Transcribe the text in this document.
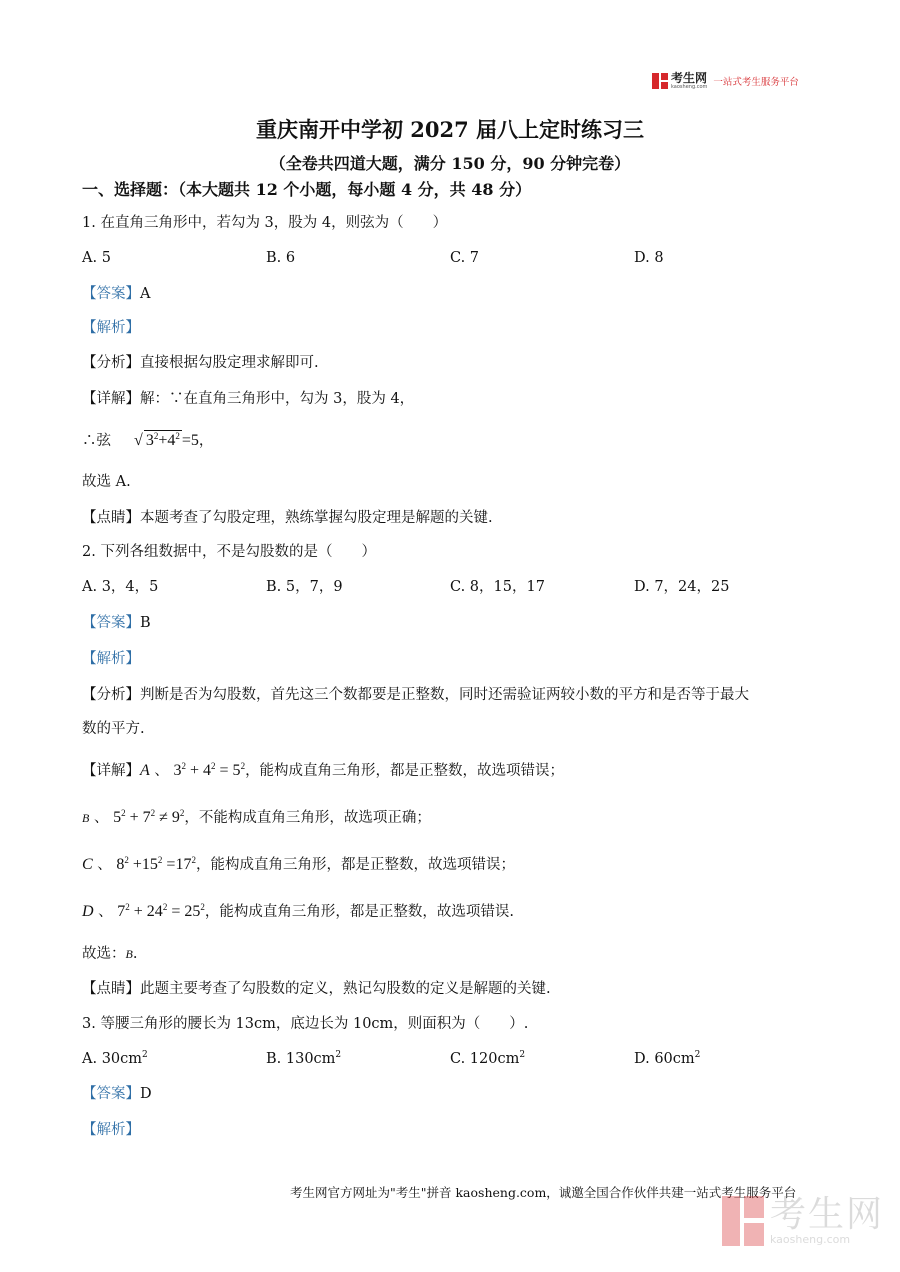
考生网
kaosheng.com 一站式考生服务平台
重庆南开中学初 2027 届八上定时练习三
（全卷共四道大题，满分 150 分，90 分钟完卷）
一、选择题：（本大题共 12 个小题，每小题 4 分，共 48 分）
1. 在直角三角形中，若勾为 3，股为 4，则弦为（　　）
A. 5	B. 6	C. 7	D. 8
【答案】A
【解析】
【分析】直接根据勾股定理求解即可.
【详解】解：∵在直角三角形中，勾为 3，股为 4，
∴弦 √ $3^2+4^2 =5$，
故选 A.
【点睛】本题考查了勾股定理，熟练掌握勾股定理是解题的关键.
2. 下列各组数据中，不是勾股数的是（　　）
A. 3，4，5	B. 5，7，9	C. 8，15，17	D. 7，24，25
【答案】B
【解析】
【分析】判断是否为勾股数，首先这三个数都要是正整数，同时还需验证两较小数的平方和是否等于最大
数的平方.
【详解】A 、 $3^2 + 4^2 = 5^2$，能构成直角三角形，都是正整数，故选项错误；
B 、 $5^2 + 7^2 \ne 9^2$，不能构成直角三角形，故选项正确；
C 、 $8^2 +15^2 =17^2$，能构成直角三角形，都是正整数，故选项错误；
D 、 $7^2 + 24^2 = 25^2$，能构成直角三角形，都是正整数，故选项错误.
故选：B.
【点睛】此题主要考查了勾股数的定义，熟记勾股数的定义是解题的关键.
3. 等腰三角形的腰长为 13cm，底边长为 10cm，则面积为（　　）.
A. $30cm^2$	B. $130cm^2$	C. $120cm^2$	D. $60cm^2$
【答案】D
【解析】
考生网官方网址为"考生"拼音 kaosheng.com，诚邀全国合作伙伴共建一站式考生服务平台
考生网
kaosheng.com
